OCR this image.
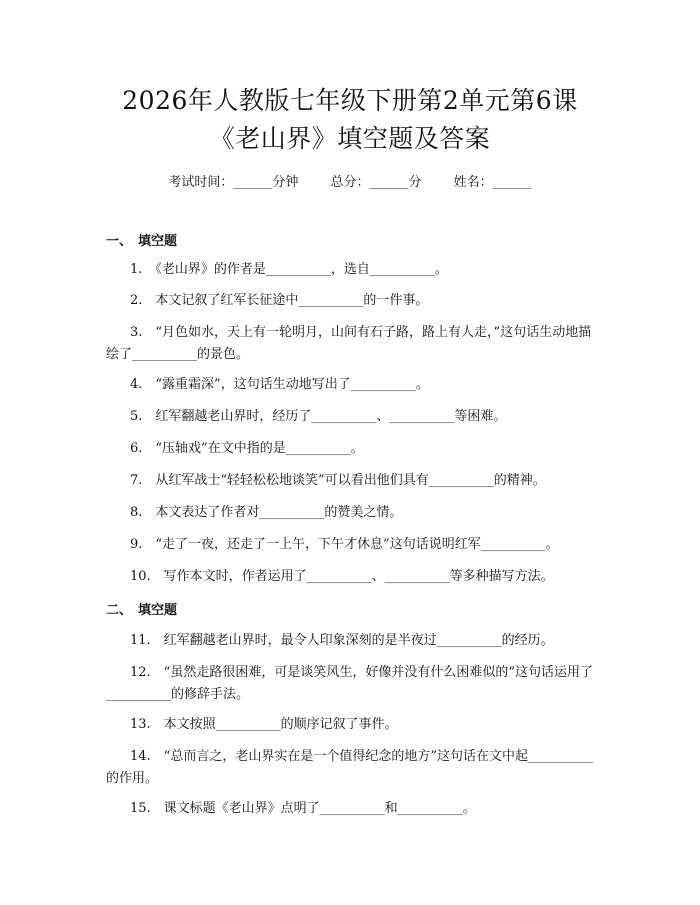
2026年人教版七年级下册第2单元第6课
《老山界》填空题及答案
考试时间：______分钟 总分：______分 姓名：______
一、 填空题
1.　《老山界》的作者是__________，选自__________。
2.　本文记叙了红军长征途中__________的一件事。
3.　“月色如水，天上有一轮明月，山间有石子路，路上有人走，”这句话生动地描绘了__________的景色。
4.　“露重霜深”，这句话生动地写出了__________。
5.　红军翻越老山界时，经历了__________、__________等困难。
6.　“压轴戏”在文中指的是__________。
7.　从红军战士“轻轻松松地谈笑”可以看出他们具有__________的精神。
8.　本文表达了作者对__________的赞美之情。
9.　“走了一夜，还走了一上午，下午才休息”这句话说明红军__________。
10.　写作本文时，作者运用了__________、__________等多种描写方法。
二、 填空题
11.　红军翻越老山界时，最令人印象深刻的是半夜过__________的经历。
12.　“虽然走路很困难，可是谈笑风生，好像并没有什么困难似的”这句话运用了__________的修辞手法。
13.　本文按照__________的顺序记叙了事件。
14.　“总而言之，老山界实在是一个值得纪念的地方”这句话在文中起__________的作用。
15.　课文标题《老山界》点明了__________和__________。
